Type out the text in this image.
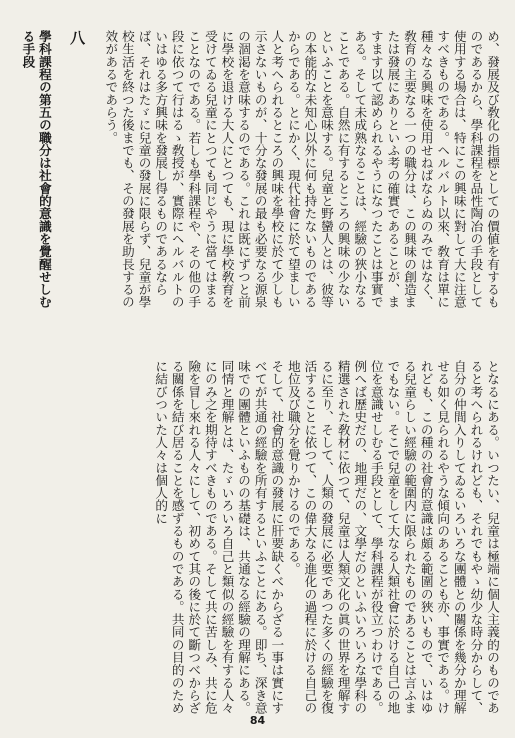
め、發展及び敎化の指標としての價値を有するものであるから、學科課程を品性陶冶の手段として使用する場合は、特にこの興味に對して大に注意すべきものである。ヘルバルト以來、敎育は單に種々なる興味を使用せねばならぬのみではなく、敎育の主要なる一つの職分は、この興味の創造または發展にありといふ考の確實であることが、ますます以て認められるやうになつたことは事實である。そして未成熟なることは、經驗の狹小なることである。自然に有するところの興味の少ないといふことを意味する。兒童と野蠻人とは、彼等の本能的な未知心以外に何も持たないものであるからである。とにかく、現代社會に於て望ましい人と考へられるところの興味を學校に於て少しも示さないものが、十分な發展の最も必要なる源泉の涸渇を意味するのである。これは既にずつと前に學校を退ける大人にとつても、現に學校敎育を受けてゐる兒童にとつても同じやうに當てはまることなのである。若しも學科課程や、その他の手段に依つて行はるゝ敎授が、實際にヘルバルトのいはゆる多方興味を發展し得るものであるならば、それはたゞに兒童の發展に限らず、兒童が學校生活を終つた後までも、その發展を助長するの效があるであらう。

八

學科課程の第五の職分は社會的意識を覺醒せしむる手段

となるにある。いつたい、兒童は極端に個人主義的のものであると考へられるけれども、それでもやゝ幼少な時分からして、自分の仲間入りしてゐるいろいろな團體との關係を幾分か理解せる如く見られるやうな傾向のあることも亦、事實である。けれども、この種の社會的意識は頗る範圍の狹いもので、いはゆる兒童らしい經驗の範圍内に限られたものであることは言ふまでもない。そこで兒童をして大なる人類社會に於ける自己の地位を意識せしむる手段として、學科課程が役立つわけである。例へば歷史だの、地理だの、文學だのといふいろいろな學科の精選された敎材に依つて、兒童は人類文化の眞の世界を理解するに至り、そして、人類の發展に必要であつた多くの經驗を復活することに依つて、この偉大なる進化の過程に於ける自己の地位及び職分を覺りかけるのである。

そして、社會的意識の發展に肝要缺くべからざる一事は實にすべてが共通の經驗を所有するといふことにある。即ち、深き意味での團體といふものの基礎は、共通なる經驗の理解にある。同情と理解とは、たゞいろいろ自己と類似の經驗を有する人々にのみ之を期待すべきものである。そして共に苦しみ、共に危險を冒し來れる人々にして、初めて其の後に於て斷つべからざる關係を結び居ることを感ずるものである。共同の目的のために結びついた人々は個人的に

84
